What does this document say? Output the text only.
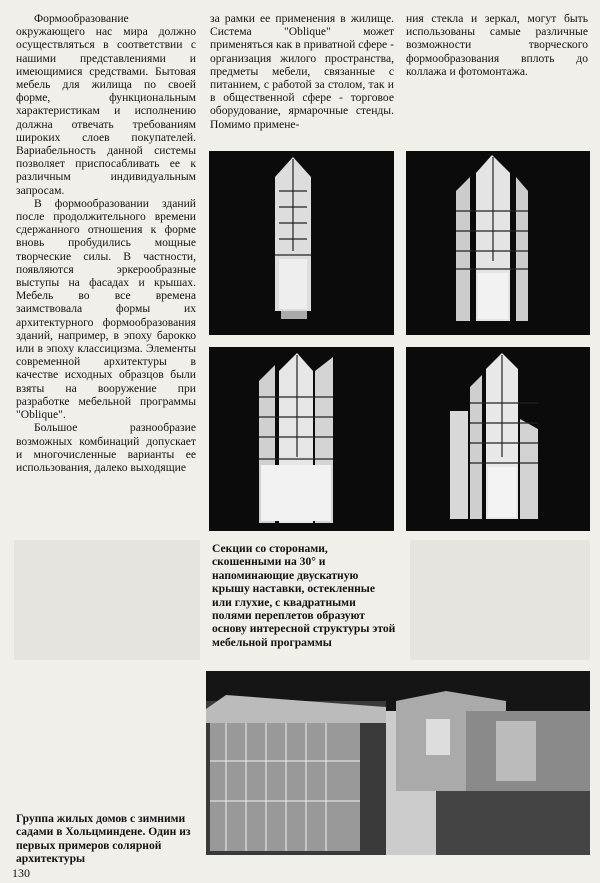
Формообразование окружающего нас мира должно осуществляться в соответствии с нашими представлениями и имеющимися средствами. Бытовая мебель для жилища по своей форме, функциональным характеристикам и исполнению должна отвечать требованиям широких слоев покупателей. Вариабельность данной системы позволяет приспосабливать ее к различным индивидуальным запросам.

В формообразовании зданий после продолжительного времени сдержанного отношения к форме вновь пробудились мощные творческие силы. В частности, появляются эркерообразные выступы на фасадах и крышах. Мебель во все времена заимствовала формы их архитектурного формообразования зданий, например, в эпоху барокко или в эпоху классицизма. Элементы современной архитектуры в качестве исходных образцов были взяты на вооружение при разработке мебельной программы "Oblique".

Большое разнообразие возможных комбинаций допускает и многочисленные варианты ее использования, далеко выходящие

за рамки ее применения в жилище. Система "Oblique" может применяться как в приватной сфере - организация жилого пространства, предметы мебели, связанные с питанием, с работой за столом, так и в общественной сфере - торговое оборудование, ярмарочные стенды. Помимо примене-

ния стекла и зеркал, могут быть использованы самые различные возможности творческого формообразования вплоть до коллажа и фотомонтажа.

Секции со сторонами, скошенными на 30° и напоминающие двускатную крышу наставки, остекленные или глухие, с квадратными полями переплетов образуют основу интересной структуры этой мебельной программы
Группа жилых домов с зимними садами в Хольцминдене. Один из первых примеров солярной архитектуры
130
